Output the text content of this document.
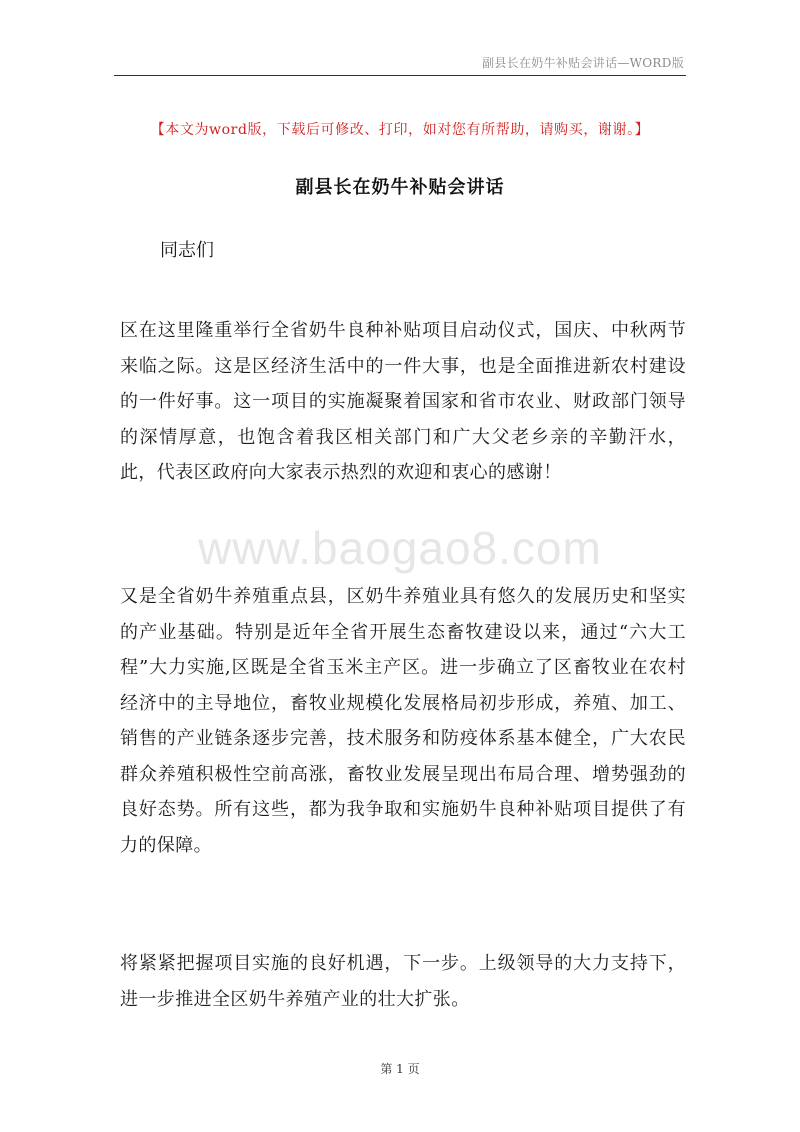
副县长在奶牛补贴会讲话—WORD版
【本文为word版，下载后可修改、打印，如对您有所帮助，请购买，谢谢。】
副县长在奶牛补贴会讲话
同志们

区在这里隆重举行全省奶牛良种补贴项目启动仪式，国庆、中秋两节来临之际。这是区经济生活中的一件大事，也是全面推进新农村建设的一件好事。这一项目的实施凝聚着国家和省市农业、财政部门领导的深情厚意，也饱含着我区相关部门和广大父老乡亲的辛勤汗水，此，代表区政府向大家表示热烈的欢迎和衷心的感谢！

www.baogao8.com

又是全省奶牛养殖重点县，区奶牛养殖业具有悠久的发展历史和坚实的产业基础。特别是近年全省开展生态畜牧建设以来，通过“六大工程”大力实施,区既是全省玉米主产区。进一步确立了区畜牧业在农村经济中的主导地位，畜牧业规模化发展格局初步形成，养殖、加工、销售的产业链条逐步完善，技术服务和防疫体系基本健全，广大农民群众养殖积极性空前高涨，畜牧业发展呈现出布局合理、增势强劲的良好态势。所有这些，都为我争取和实施奶牛良种补贴项目提供了有力的保障。

将紧紧把握项目实施的良好机遇，下一步。上级领导的大力支持下，进一步推进全区奶牛养殖产业的壮大扩张。

第 1 页
